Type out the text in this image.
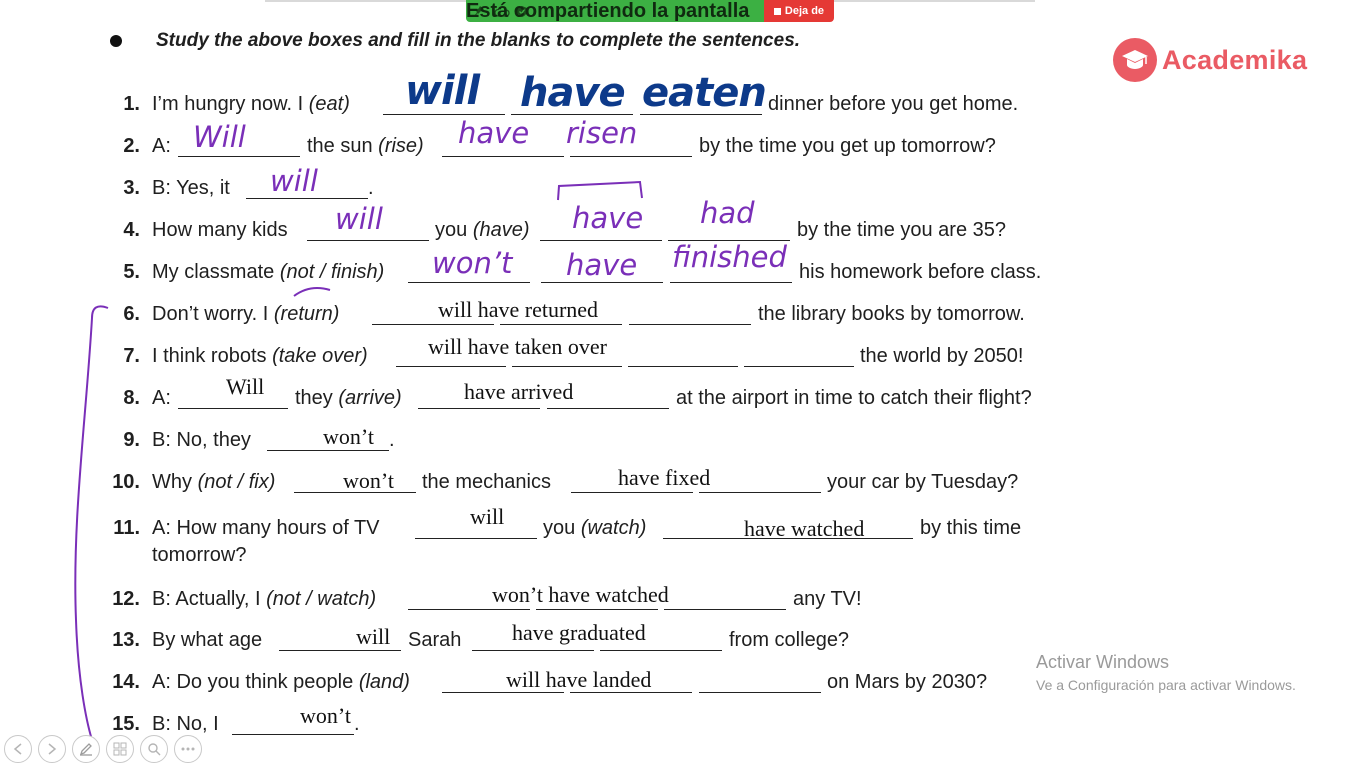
Está compartiendo la pantalla	Deja de
Study the above boxes and fill in the blanks to complete the sentences.
Academika
1. I’m hungry now. I (eat)	dinner before you get home.
will have eaten
2. A:	the sun (rise)	by the time you get up tomorrow?
Will	have risen
3. B: Yes, it	.
will
4. How many kids	you (have)	by the time you are 35?
will	have had
5. My classmate (not / finish)	his homework before class.
won’t have finished
6. Don’t worry. I (return)	the library books by tomorrow.
will have returned
7. I think robots (take over)	the world by 2050!
will have taken over
8. A:	they (arrive)	at the airport in time to catch their flight?
Will	have arrived
9. B: No, they	.
won’t
10. Why (not / fix)	the mechanics	your car by Tuesday?
won’t	have fixed
11. A: How many hours of TV	you (watch)	by this time
tomorrow?
will	have watched
12. B: Actually, I (not / watch)	any TV!
won’t have watched
13. By what age	Sarah	from college?
will	have graduated
14. A: Do you think people (land)	on Mars by 2030?
will have landed
15. B: No, I	.
won’t
Activar Windows
Ve a Configuración para activar Windows.
